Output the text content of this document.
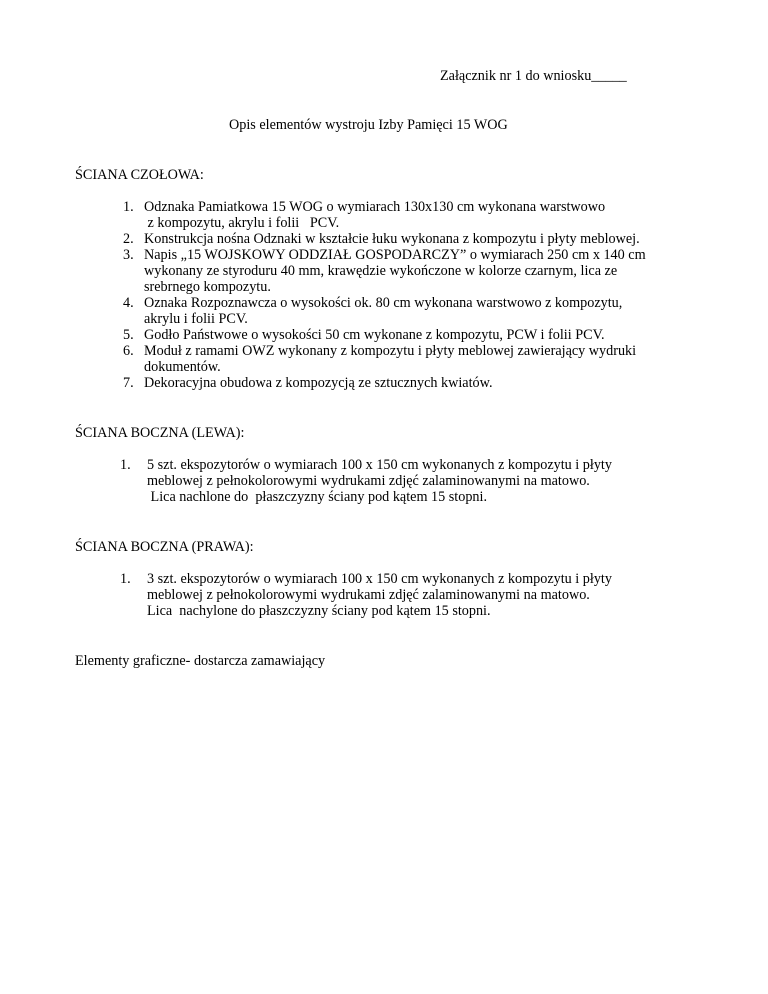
Załącznik nr 1 do wniosku_____
Opis elementów wystroju Izby Pamięci 15 WOG
ŚCIANA CZOŁOWA:
1. Odznaka Pamiatkowa 15 WOG o wymiarach 130x130 cm wykonana warstwowo
z kompozytu, akrylu i folii   PCV.
2. Konstrukcja nośna Odznaki w kształcie łuku wykonana z kompozytu i płyty meblowej.
3. Napis „15 WOJSKOWY ODDZIAŁ GOSPODARCZY” o wymiarach 250 cm x 140 cm
wykonany ze styroduru 40 mm, krawędzie wykończone w kolorze czarnym, lica ze
srebrnego kompozytu.
4. Oznaka Rozpoznawcza o wysokości ok. 80 cm wykonana warstwowo z kompozytu,
akrylu i folii PCV.
5. Godło Państwowe o wysokości 50 cm wykonane z kompozytu, PCW i folii PCV.
6. Moduł z ramami OWZ wykonany z kompozytu i płyty meblowej zawierający wydruki
dokumentów.
7. Dekoracyjna obudowa z kompozycją ze sztucznych kwiatów.
ŚCIANA BOCZNA (LEWA):
1. 5 szt. ekspozytorów o wymiarach 100 x 150 cm wykonanych z kompozytu i płyty
meblowej z pełnokolorowymi wydrukami zdjęć zalaminowanymi na matowo.
Lica nachlone do  płaszczyzny ściany pod kątem 15 stopni.
ŚCIANA BOCZNA (PRAWA):
1. 3 szt. ekspozytorów o wymiarach 100 x 150 cm wykonanych z kompozytu i płyty
meblowej z pełnokolorowymi wydrukami zdjęć zalaminowanymi na matowo.
Lica  nachylone do płaszczyzny ściany pod kątem 15 stopni.
Elementy graficzne- dostarcza zamawiający
